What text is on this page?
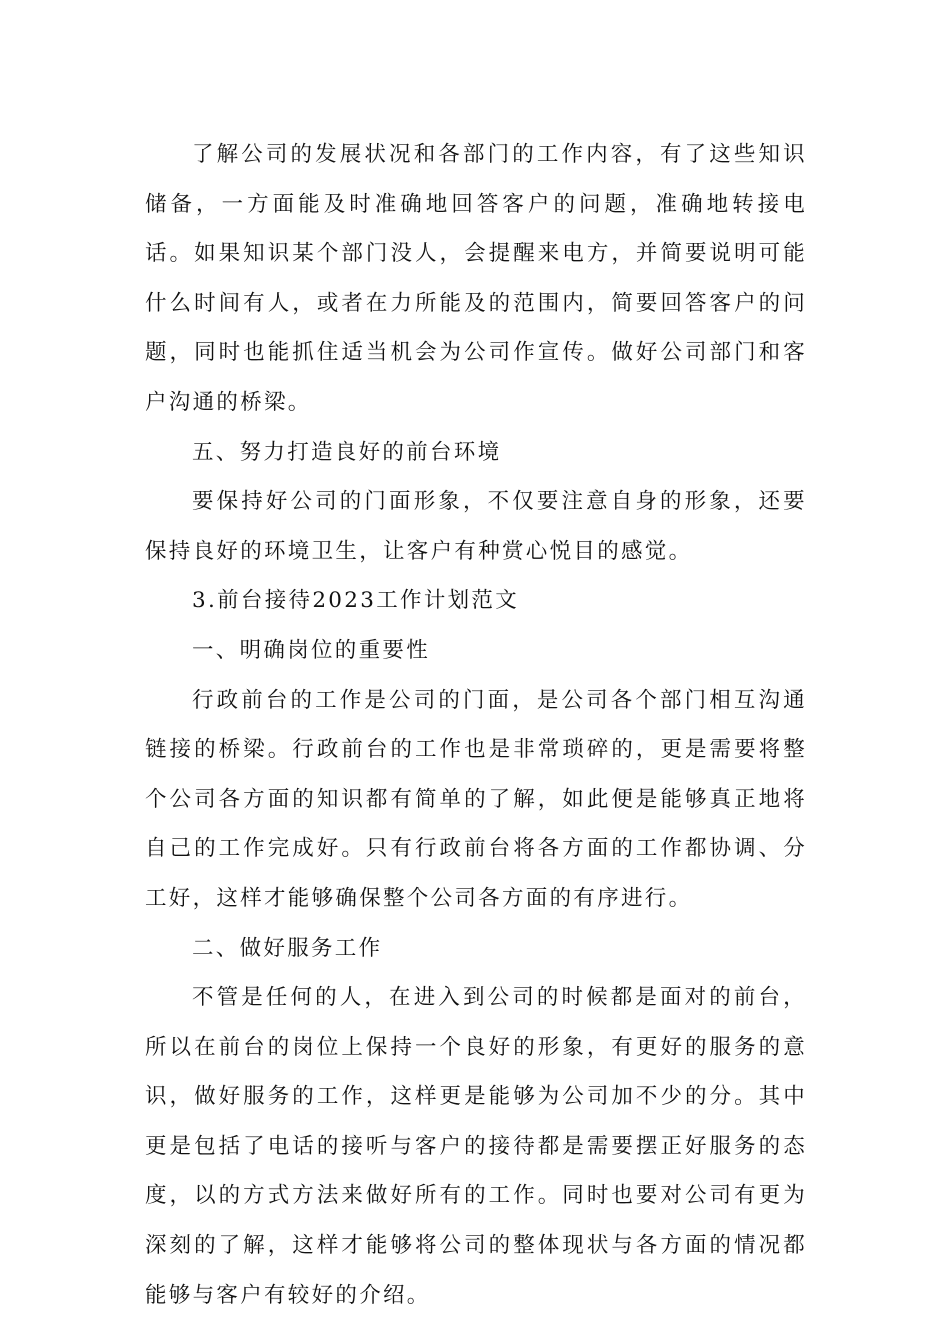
了解公司的发展状况和各部门的工作内容，有了这些知识储备，一方面能及时准确地回答客户的问题，准确地转接电话。如果知识某个部门没人，会提醒来电方，并简要说明可能什么时间有人，或者在力所能及的范围内，简要回答客户的问题，同时也能抓住适当机会为公司作宣传。做好公司部门和客户沟通的桥梁。

五、努力打造良好的前台环境

要保持好公司的门面形象，不仅要注意自身的形象，还要保持良好的环境卫生，让客户有种赏心悦目的感觉。

3.前台接待2023工作计划范文

一、明确岗位的重要性

行政前台的工作是公司的门面，是公司各个部门相互沟通链接的桥梁。行政前台的工作也是非常琐碎的，更是需要将整个公司各方面的知识都有简单的了解，如此便是能够真正地将自己的工作完成好。只有行政前台将各方面的工作都协调、分工好，这样才能够确保整个公司各方面的有序进行。

二、做好服务工作

不管是任何的人，在进入到公司的时候都是面对的前台，所以在前台的岗位上保持一个良好的形象，有更好的服务的意识，做好服务的工作，这样更是能够为公司加不少的分。其中更是包括了电话的接听与客户的接待都是需要摆正好服务的态度，以的方式方法来做好所有的工作。同时也要对公司有更为深刻的了解，这样才能够将公司的整体现状与各方面的情况都能够与客户有较好的介绍。
